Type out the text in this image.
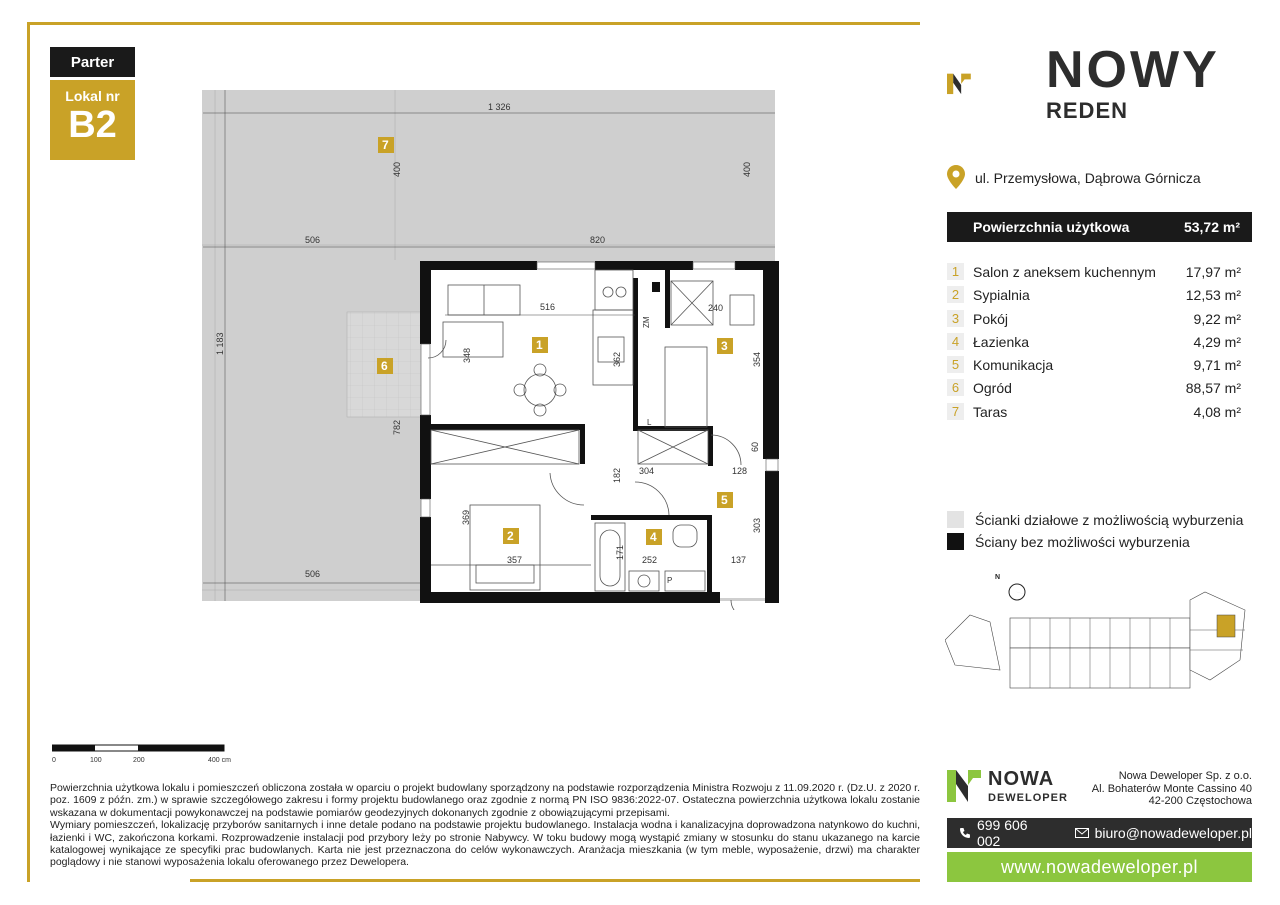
Parter
Lokal nr
B2	1 326
400	400
506	820
1 183
516	240
348	362	354
782
60
182 304	128
369
357	171 252
303
137
506
ZM
L
P
7
6
1	3
2	4
5
0	100	200	400 cm

Powierzchnia użytkowa lokalu i pomieszczeń obliczona została w oparciu o projekt budowlany sporządzony na podstawie rozporządzenia Ministra Rozwoju z 11.09.2020 r. (Dz.U. z 2020 r. poz. 1609 z późn. zm.) w sprawie szczegółowego zakresu i formy projektu budowlanego oraz zgodnie z normą PN ISO 9836:2022-07. Ostateczna powierzchnia użytkowa lokalu zostanie wskazana w dokumentacji powykonawczej na podstawie pomiarów geodezyjnych dokonanych zgodnie z obowiązującymi przepisami.

Wymiary pomieszczeń, lokalizację przyborów sanitarnych i inne detale podano na podstawie projektu budowlanego. Instalacja wodna i kanalizacyjna doprowadzona natynkowo do kuchni, łazienki i WC, zakończona korkami. Rozprowadzenie instalacji pod przybory leży po stronie Nabywcy. W toku budowy mogą wystąpić zmiany w stosunku do stanu ukazanego na karcie katalogowej wynikające ze specyfiki prac budowlanych. Karta nie jest przeznaczona do celów wykonawczych. Aranżacja mieszkania (w tym meble, wyposażenie, drzwi) ma charakter poglądowy i nie stanowi wyposażenia lokalu oferowanego przez Dewelopera.

NOWY
REDEN
ul. Przemysłowa, Dąbrowa Górnicza
Powierzchnia użytkowa	53,72 m²
1 Salon z aneksem kuchennym 17,97 m²
2 Sypialnia	12,53 m²
3 Pokój	9,22 m²
4 Łazienka	4,29 m²
5 Komunikacja	9,71 m²
6 Ogród	88,57 m²
7 Taras	4,08 m²
Ścianki działowe z możliwością wyburzenia
Ściany bez możliwości wyburzenia
N
NOWA
DEWELOPER
Nowa Deweloper Sp. z o.o.
Al. Bohaterów Monte Cassino 40
42-200 Częstochowa
699 606 002	biuro@nowadeweloper.pl
www.nowadeweloper.pl
